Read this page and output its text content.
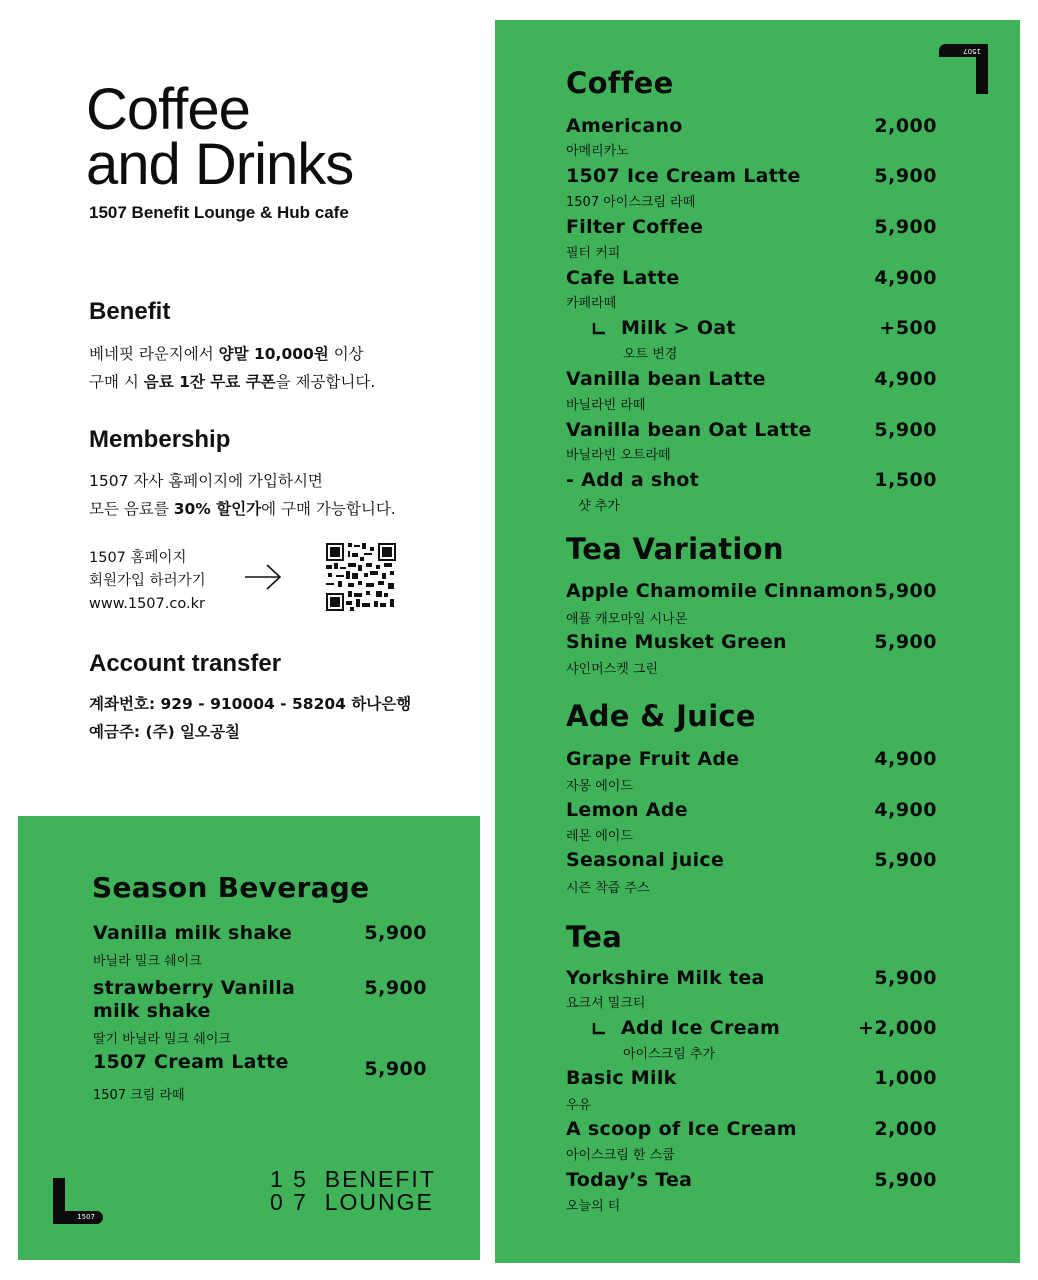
Coffee
and Drinks
1507 Benefit Lounge & Hub cafe
Benefit
베네핏 라운지에서 양말 10,000원 이상
구매 시 음료 1잔 무료 쿠폰을 제공합니다.
Membership
1507 자사 홈페이지에 가입하시면
모든 음료를 30% 할인가에 구매 가능합니다.
1507 홈페이지
회원가입 하러가기
www.1507.co.kr
Account transfer
계좌번호: 929 - 910004 - 58204 하나은행
예금주: (주) 일오공칠
Season Beverage
Vanilla milk shake
바닐라 밀크 쉐이크
5,900
strawberry Vanilla
milk shake
딸기 바닐라 밀크 쉐이크
5,900
1507 Cream Latte
1507 크림 라떼
5,900
1507
1 5  BENEFIT
0 7  LOUNGE
1507
Coffee
Americano
아메리카노
2,000
1507 Ice Cream Latte
1507 아이스크림 라떼
5,900
Filter Coffee
필터 커피
5,900
Cafe Latte
카페라떼
4,900
Milk > Oat
오트 변경
+500
Vanilla bean Latte
바닐라빈 라떼
4,900
Vanilla bean Oat Latte
바닐라빈 오트라떼
5,900
- Add a shot
샷 추가
1,500
Tea Variation
Apple Chamomile Cinnamon
애플 캐모마일 시나몬
5,900
Shine Musket Green
샤인머스켓 그린
5,900
Ade & Juice
Grape Fruit Ade
자몽 에이드
4,900
Lemon Ade
레몬 에이드
4,900
Seasonal juice
시즌 착즙 주스
5,900
Tea
Yorkshire Milk tea
요크셔 밀크티
5,900
Add Ice Cream
아이스크림 추가
+2,000
Basic Milk
우유
1,000
A scoop of Ice Cream
아이스크림 한 스쿱
2,000
Today’s Tea
오늘의 티
5,900
